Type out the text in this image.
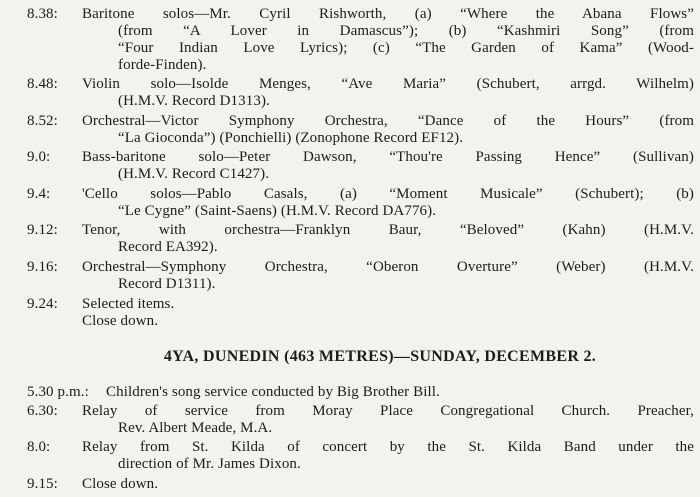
8.38:	Baritone solos—Mr. Cyril Rishworth, (a) “Where the Abana Flows”
(from “A Lover in Damascus”); (b) “Kashmiri Song” (from
“Four Indian Love Lyrics); (c) “The Garden of Kama” (Wood-
forde-Finden).
8.48:	Violin solo—Isolde Menges, “Ave Maria” (Schubert, arrgd. Wilhelm)
(H.M.V. Record D1313).
8.52:	Orchestral—Victor Symphony Orchestra, “Dance of the Hours” (from
“La Gioconda”) (Ponchielli) (Zonophone Record EF12).
9.0:	Bass-baritone solo—Peter Dawson, “Thou're Passing Hence” (Sullivan)
(H.M.V. Record C1427).
9.4:	'Cello solos—Pablo Casals, (a) “Moment Musicale” (Schubert); (b)
“Le Cygne” (Saint-Saens) (H.M.V. Record DA776).
9.12:	Tenor, with orchestra—Franklyn Baur, “Beloved” (Kahn) (H.M.V.
Record EA392).
9.16:	Orchestral—Symphony Orchestra, “Oberon Overture” (Weber) (H.M.V.
Record D1311).
9.24:	Selected items.
Close down.
4YA, DUNEDIN (463 METRES)—SUNDAY, DECEMBER 2.
5.30 p.m.: Children's song service conducted by Big Brother Bill.
6.30:	Relay of service from Moray Place Congregational Church. Preacher,
Rev. Albert Meade, M.A.
8.0:	Relay from St. Kilda of concert by the St. Kilda Band under the
direction of Mr. James Dixon.
9.15:	Close down.
